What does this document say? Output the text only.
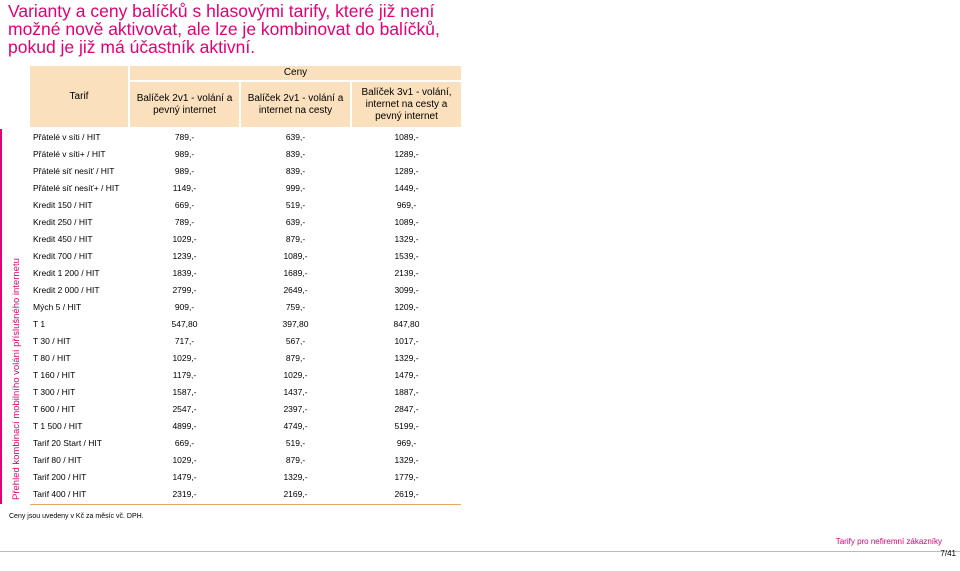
Varianty a ceny balíčků s hlasovými tarify, které již není možné nově aktivovat, ale lze je kombinovat do balíčků, pokud je již má účastník aktivní.
Přehled kombinací mobilního volání příslušného internetu
Tarif
Ceny
Balíček 2v1 - volání a pevný internet
Balíček 2v1 - volání a internet na cesty
Balíček 3v1 - volání, internet na cesty a pevný internet
Přátelé v síti / HIT	789,-	639,-	1089,-
Přátelé v síti+ / HIT	989,-	839,-	1289,-
Přátelé síť nesíť / HIT	989,-	839,-	1289,-
Přátelé síť nesíť+ / HIT	1149,-	999,-	1449,-
Kredit 150 / HIT	669,-	519,-	969,-
Kredit 250 / HIT	789,-	639,-	1089,-
Kredit 450 / HIT	1029,-	879,-	1329,-
Kredit 700 / HIT	1239,-	1089,-	1539,-
Kredit 1 200 / HIT	1839,-	1689,-	2139,-
Kredit 2 000 / HIT	2799,-	2649,-	3099,-
Mých 5 / HIT	909,-	759,-	1209,-
T 1	547,80	397,80	847,80
T 30 / HIT	717,-	567,-	1017,-
T 80 / HIT	1029,-	879,-	1329,-
T 160 / HIT	1179,-	1029,-	1479,-
T 300 / HIT	1587,-	1437,-	1887,-
T 600 / HIT	2547,-	2397,-	2847,-
T 1 500 / HIT	4899,-	4749,-	5199,-
Tarif 20 Start / HIT	669,-	519,-	969,-
Tarif 80 / HIT	1029,-	879,-	1329,-
Tarif 200 / HIT	1479,-	1329,-	1779,-
Tarif 400 / HIT	2319,-	2169,-	2619,-
Ceny jsou uvedeny v Kč za měsíc vč. DPH.
Tarify pro nefiremní zákazníky
7/41
